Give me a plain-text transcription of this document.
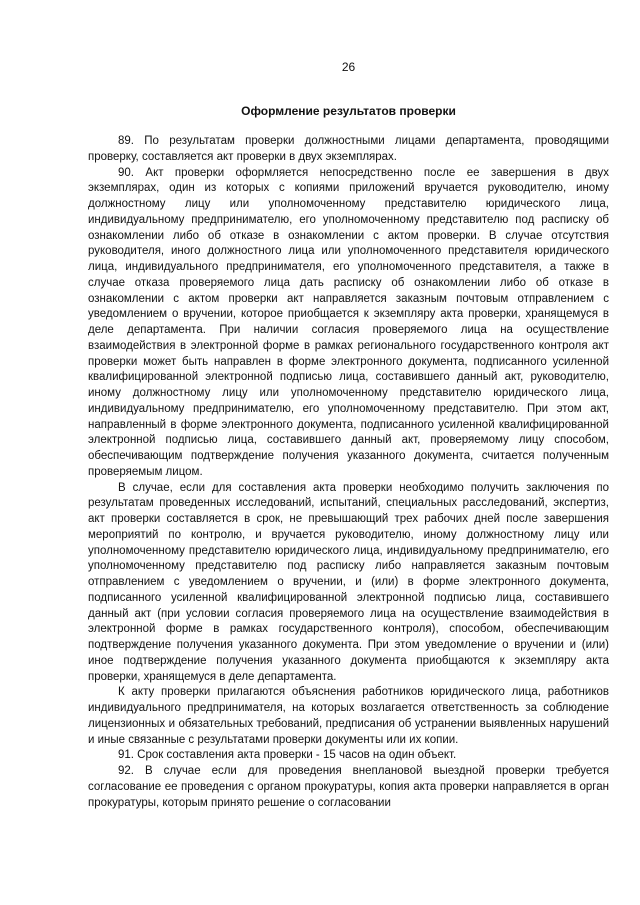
26
Оформление результатов проверки

89. По результатам проверки должностными лицами департамента, проводящими проверку, составляется акт проверки в двух экземплярах.

90. Акт проверки оформляется непосредственно после ее завершения в двух экземплярах, один из которых с копиями приложений вручается руководителю, иному должностному лицу или уполномоченному представителю юридического лица, индивидуальному предпринимателю, его уполномоченному представителю под расписку об ознакомлении либо об отказе в ознакомлении с актом проверки. В случае отсутствия руководителя, иного должностного лица или уполномоченного представителя юридического лица, индивидуального предпринимателя, его уполномоченного представителя, а также в случае отказа проверяемого лица дать расписку об ознакомлении либо об отказе в ознакомлении с актом проверки акт направляется заказным почтовым отправлением с уведомлением о вручении, которое приобщается к экземпляру акта проверки, хранящемуся в деле департамента. При наличии согласия проверяемого лица на осуществление взаимодействия в электронной форме в рамках регионального государственного контроля акт проверки может быть направлен в форме электронного документа, подписанного усиленной квалифицированной электронной подписью лица, составившего данный акт, руководителю, иному должностному лицу или уполномоченному представителю юридического лица, индивидуальному предпринимателю, его уполномоченному представителю. При этом акт, направленный в форме электронного документа, подписанного усиленной квалифицированной электронной подписью лица, составившего данный акт, проверяемому лицу способом, обеспечивающим подтверждение получения указанного документа, считается полученным проверяемым лицом.

В случае, если для составления акта проверки необходимо получить заключения по результатам проведенных исследований, испытаний, специальных расследований, экспертиз, акт проверки составляется в срок, не превышающий трех рабочих дней после завершения мероприятий по контролю, и вручается руководителю, иному должностному лицу или уполномоченному представителю юридического лица, индивидуальному предпринимателю, его уполномоченному представителю под расписку либо направляется заказным почтовым отправлением с уведомлением о вручении, и (или) в форме электронного документа, подписанного усиленной квалифицированной электронной подписью лица, составившего данный акт (при условии согласия проверяемого лица на осуществление взаимодействия в электронной форме в рамках государственного контроля), способом, обеспечивающим подтверждение получения указанного документа. При этом уведомление о вручении и (или) иное подтверждение получения указанного документа приобщаются к экземпляру акта проверки, хранящемуся в деле департамента.

К акту проверки прилагаются объяснения работников юридического лица, работников индивидуального предпринимателя, на которых возлагается ответственность за соблюдение лицензионных и обязательных требований, предписания об устранении выявленных нарушений и иные связанные с результатами проверки документы или их копии.

91. Срок составления акта проверки - 15 часов на один объект.

92. В случае если для проведения внеплановой выездной проверки требуется согласование ее проведения с органом прокуратуры, копия акта проверки направляется в орган прокуратуры, которым принято решение о согласовании
